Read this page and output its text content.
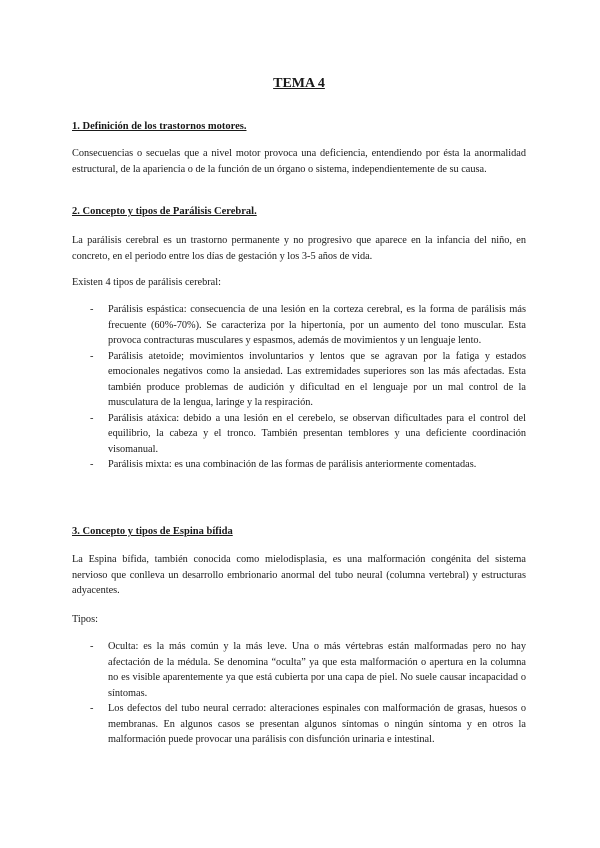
TEMA 4
1. Definición de los trastornos motores.

Consecuencias o secuelas que a nivel motor provoca una deficiencia, entendiendo por ésta la anormalidad estructural, de la apariencia o de la función de un órgano o sistema, independientemente de su causa.

2. Concepto y tipos de Parálisis Cerebral.

La parálisis cerebral es un trastorno permanente y no progresivo que aparece en la infancia del niño, en concreto, en el periodo entre los días de gestación y los 3-5 años de vida.

Existen 4 tipos de parálisis cerebral:

- Parálisis espástica: consecuencia de una lesión en la corteza cerebral, es la forma de parálisis más frecuente (60%-70%). Se caracteriza por la hipertonía, por un aumento del tono muscular. Esta provoca contracturas musculares y espasmos, además de movimientos y un lenguaje lento.
- Parálisis atetoide; movimientos involuntarios y lentos que se agravan por la fatiga y estados emocionales negativos como la ansiedad. Las extremidades superiores son las más afectadas. Esta también produce problemas de audición y dificultad en el lenguaje por un mal control de la musculatura de la lengua, laringe y la respiración.
- Parálisis atáxica: debido a una lesión en el cerebelo, se observan dificultades para el control del equilibrio, la cabeza y el tronco. También presentan temblores y una deficiente coordinación visomanual.
- Parálisis mixta: es una combinación de las formas de parálisis anteriormente comentadas.
3. Concepto y tipos de Espina bífida

La Espina bífida, también conocida como mielodisplasia, es una malformación congénita del sistema nervioso que conlleva un desarrollo embrionario anormal del tubo neural (columna vertebral) y estructuras adyacentes.

Tipos:

- Oculta: es la más común y la más leve. Una o más vértebras están malformadas pero no hay afectación de la médula. Se denomina “oculta” ya que esta malformación o apertura en la columna no es visible aparentemente ya que está cubierta por una capa de piel. No suele causar incapacidad o síntomas.
- Los defectos del tubo neural cerrado: alteraciones espinales con malformación de grasas, huesos o membranas. En algunos casos se presentan algunos síntomas o ningún síntoma y en otros la malformación puede provocar una parálisis con disfunción urinaria e intestinal.
